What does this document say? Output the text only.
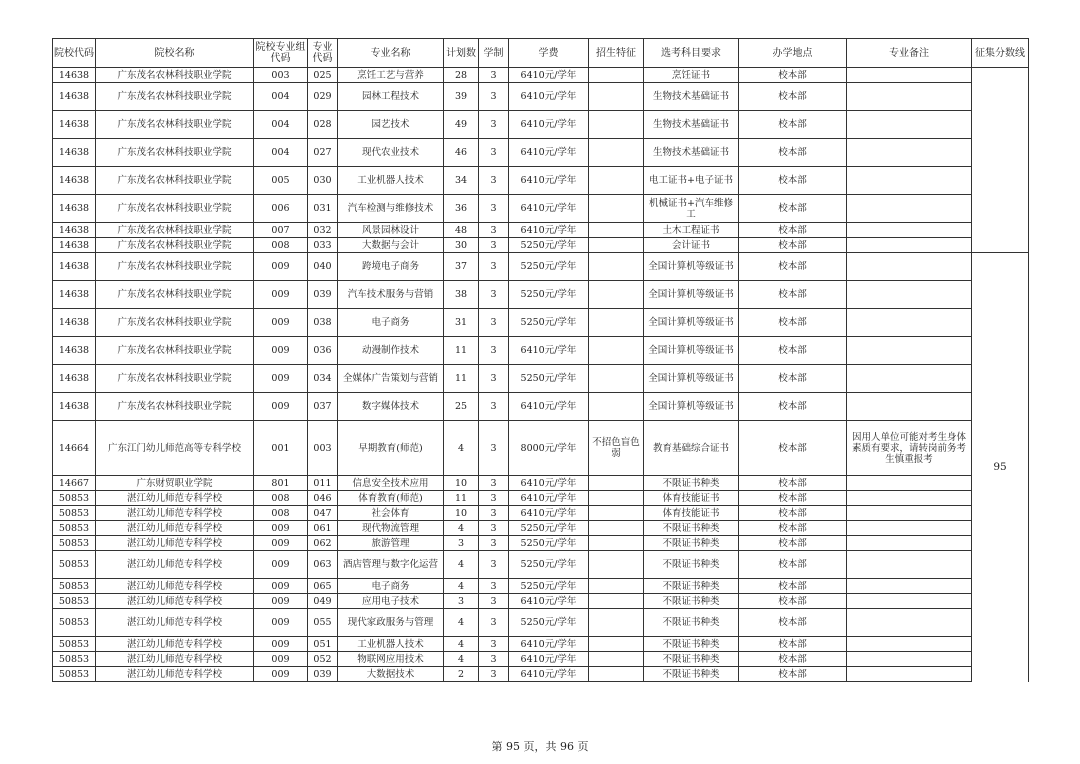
院校代码	院校名称	院校专业组代码	专业代码	专业名称	计划数	学制	学费	招生特征	选考科目要求	办学地点	专业备注	征集分数线
14638	广东茂名农林科技职业学院	003	025	烹饪工艺与营养	28	3	6410元/学年		烹饪证书	校本部		
14638	广东茂名农林科技职业学院	004	029	园林工程技术	39	3	6410元/学年		生物技术基础证书	校本部		
14638	广东茂名农林科技职业学院	004	028	园艺技术	49	3	6410元/学年		生物技术基础证书	校本部		
14638	广东茂名农林科技职业学院	004	027	现代农业技术	46	3	6410元/学年		生物技术基础证书	校本部		
14638	广东茂名农林科技职业学院	005	030	工业机器人技术	34	3	6410元/学年		电工证书+电子证书	校本部		
14638	广东茂名农林科技职业学院	006	031	汽车检测与维修技术	36	3	6410元/学年		机械证书+汽车维修工	校本部		
14638	广东茂名农林科技职业学院	007	032	风景园林设计	48	3	6410元/学年		土木工程证书	校本部		
14638	广东茂名农林科技职业学院	008	033	大数据与会计	30	3	5250元/学年		会计证书	校本部		
14638	广东茂名农林科技职业学院	009	040	跨境电子商务	37	3	5250元/学年		全国计算机等级证书	校本部		95
14638	广东茂名农林科技职业学院	009	039	汽车技术服务与营销	38	3	5250元/学年		全国计算机等级证书	校本部		
14638	广东茂名农林科技职业学院	009	038	电子商务	31	3	5250元/学年		全国计算机等级证书	校本部		
14638	广东茂名农林科技职业学院	009	036	动漫制作技术	11	3	6410元/学年		全国计算机等级证书	校本部		
14638	广东茂名农林科技职业学院	009	034	全媒体广告策划与营销	11	3	5250元/学年		全国计算机等级证书	校本部		
14638	广东茂名农林科技职业学院	009	037	数字媒体技术	25	3	6410元/学年		全国计算机等级证书	校本部		
14664	广东江门幼儿师范高等专科学校	001	003	早期教育(师范)	4	3	8000元/学年	不招色盲色弱	教育基础综合证书	校本部	因用人单位可能对考生身体素质有要求，请转岗前务考生慎重报考	
14667	广东财贸职业学院	801	011	信息安全技术应用	10	3	6410元/学年		不限证书种类	校本部		
50853	湛江幼儿师范专科学校	008	046	体育教育(师范)	11	3	6410元/学年		体育技能证书	校本部		
50853	湛江幼儿师范专科学校	008	047	社会体育	10	3	6410元/学年		体育技能证书	校本部		
50853	湛江幼儿师范专科学校	009	061	现代物流管理	4	3	5250元/学年		不限证书种类	校本部		
50853	湛江幼儿师范专科学校	009	062	旅游管理	3	3	5250元/学年		不限证书种类	校本部		
50853	湛江幼儿师范专科学校	009	063	酒店管理与数字化运营	4	3	5250元/学年		不限证书种类	校本部		
50853	湛江幼儿师范专科学校	009	065	电子商务	4	3	5250元/学年		不限证书种类	校本部		
50853	湛江幼儿师范专科学校	009	049	应用电子技术	3	3	6410元/学年		不限证书种类	校本部		
50853	湛江幼儿师范专科学校	009	055	现代家政服务与管理	4	3	5250元/学年		不限证书种类	校本部		
50853	湛江幼儿师范专科学校	009	051	工业机器人技术	4	3	6410元/学年		不限证书种类	校本部		
50853	湛江幼儿师范专科学校	009	052	物联网应用技术	4	3	6410元/学年		不限证书种类	校本部		
50853	湛江幼儿师范专科学校	009	039	大数据技术	2	3	6410元/学年		不限证书种类	校本部		
第 95 页，共 96 页
